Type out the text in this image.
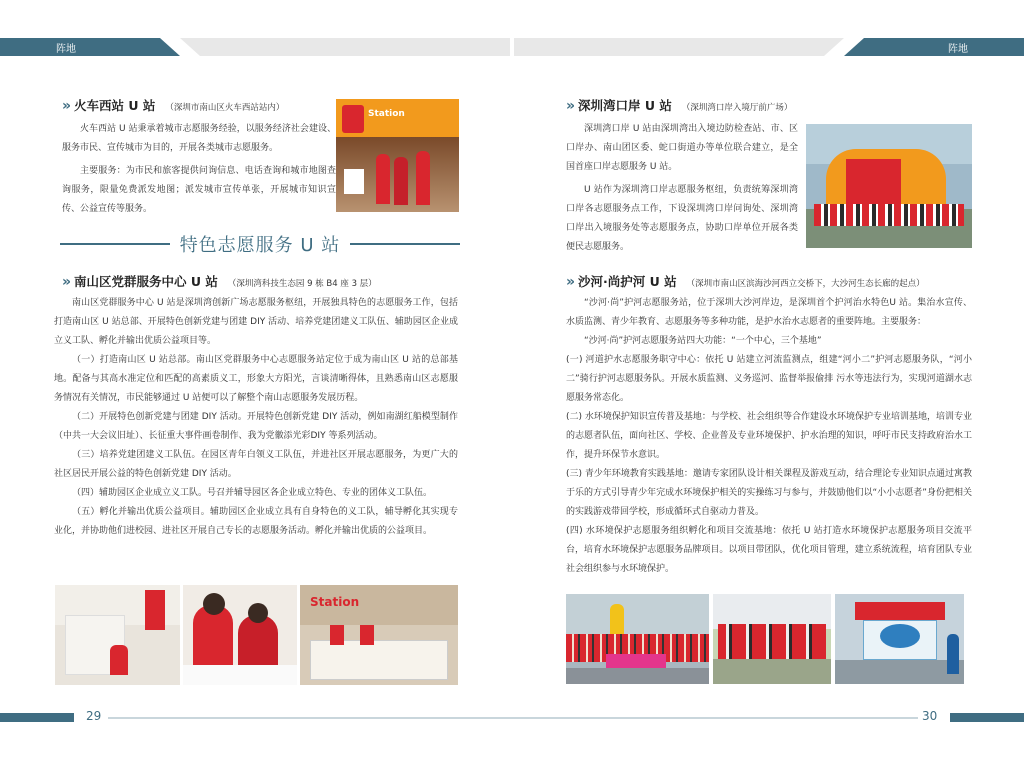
阵地	阵地
» 火车西站 U 站 （深圳市南山区火车西站站内）

火车西站 U 站秉承着城市志愿服务经验，以服务经济社会建设、服务市民、宣传城市为目的，开展各类城市志愿服务。

主要服务：为市民和旅客提供问询信息、电话查询和城市地图查询服务，限量免费派发地图；派发城市宣传单张，开展城市知识宣传、公益宣传等服务。

Station
特色志愿服务 U 站
» 南山区党群服务中心 U 站 （深圳湾科技生态园 9 栋 B4 座 3 层）

南山区党群服务中心 U 站是深圳湾创新广场志愿服务枢纽，开展独具特色的志愿服务工作，包括打造南山区 U 站总部、开展特色创新党建与团建 DIY 活动、培养党建团建义工队伍、辅助园区企业成立义工队、孵化并输出优质公益项目等。

（一）打造南山区 U 站总部。南山区党群服务中心志愿服务站定位于成为南山区 U 站的总部基地。配备与其高水准定位和匹配的高素质义工，形象大方阳光，言谈清晰得体，且熟悉南山区志愿服务情况有关情况，市民能够通过 U 站便可以了解整个南山志愿服务发展历程。

（二）开展特色创新党建与团建 DIY 活动。开展特色创新党建 DIY 活动，例如南湖红船模型制作（中共一大会议旧址）、长征重大事件画卷制作、我为党徽添光彩DIY 等系列活动。

（三）培养党建团建义工队伍。在园区青年白领义工队伍，并进社区开展志愿服务，为更广大的社区居民开展公益的特色创新党建 DIY 活动。

（四）辅助园区企业成立义工队。号召并辅导园区各企业成立特色、专业的团体义工队伍。

（五）孵化并输出优质公益项目。辅助园区企业成立具有自身特色的义工队，辅导孵化其实现专业化，并协助他们进校园、进社区开展自己专长的志愿服务活动。孵化并输出优质的公益项目。

Station
» 深圳湾口岸 U 站 （深圳湾口岸入境厅前广场）

深圳湾口岸 U 站由深圳湾出入境边防检查站、市、区口岸办、南山团区委、蛇口街道办等单位联合建立，是全国首座口岸志愿服务 U 站。

U 站作为深圳湾口岸志愿服务枢纽，负责统筹深圳湾口岸各志愿服务点工作，下设深圳湾口岸问询处、深圳湾口岸出入境服务处等志愿服务点，协助口岸单位开展各类便民志愿服务。

» 沙河·尚护河 U 站 （深圳市南山区滨海沙河西立交桥下，大沙河生态长廊的起点）

“沙河·尚”护河志愿服务站，位于深圳大沙河岸边，是深圳首个护河治水特色U 站。集治水宣传、水质监测、青少年教育、志愿服务等多种功能，是护水治水志愿者的重要阵地。主要服务：

“沙河·尚”护河志愿服务站四大功能：“一个中心，三个基地”

(一) 河道护水志愿服务职守中心：依托 U 站建立河流监测点，组建“河小二”护河志愿服务队，“河小二”骑行护河志愿服务队。开展水质监测、义务巡河、监督举报偷排 污水等违法行为，实现河道湖水志愿服务常态化。

(二) 水环境保护知识宣传普及基地：与学校、社会组织等合作建设水环境保护专业培训基地，培训专业的志愿者队伍，面向社区、学校、企业普及专业环境保护、护水治理的知识，呼吁市民支持政府治水工作，提升环保节水意识。

(三) 青少年环境教育实践基地：邀请专家团队设计相关课程及游戏互动，结合理论专业知识点通过寓教于乐的方式引导青少年完成水环境保护相关的实操练习与参与，并鼓励他们以“小小志愿者”身份把相关的实践游戏带回学校，形成循环式自驱动力普及。

(四) 水环境保护志愿服务组织孵化和项目交流基地：依托 U 站打造水环境保护志愿服务项目交流平台，培育水环境保护志愿服务品牌项目。以项目带团队，优化项目管理，建立系统流程，培育团队专业社会组织参与水环境保护。

29	30
